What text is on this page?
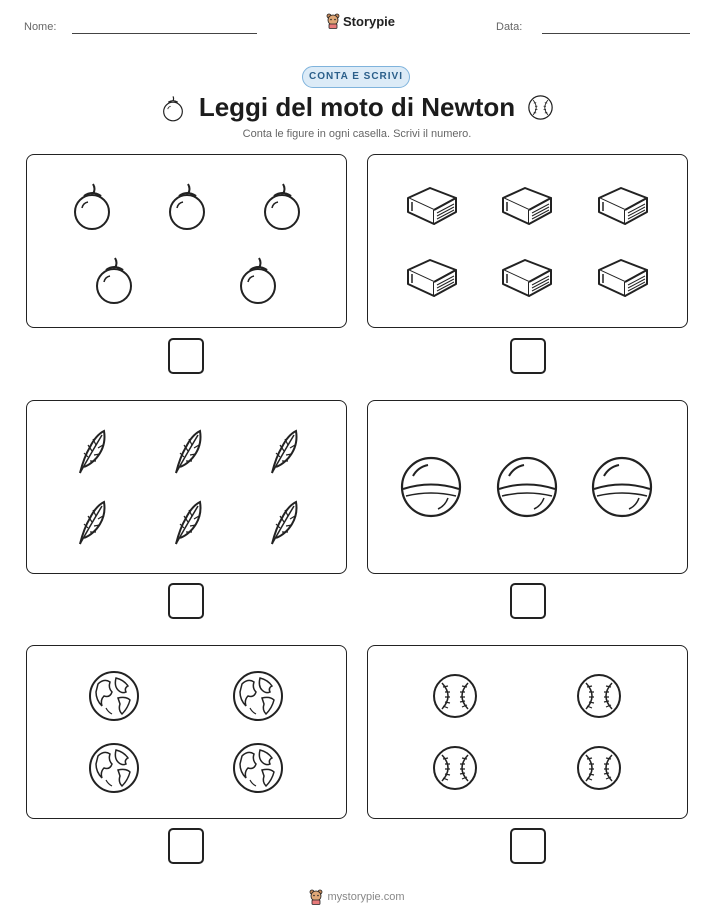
Nome:	Storypie	Data:
CONTA E SCRIVI
Leggi del moto di Newton
Conta le figure in ogni casella. Scrivi il numero.
mystorypie.com
